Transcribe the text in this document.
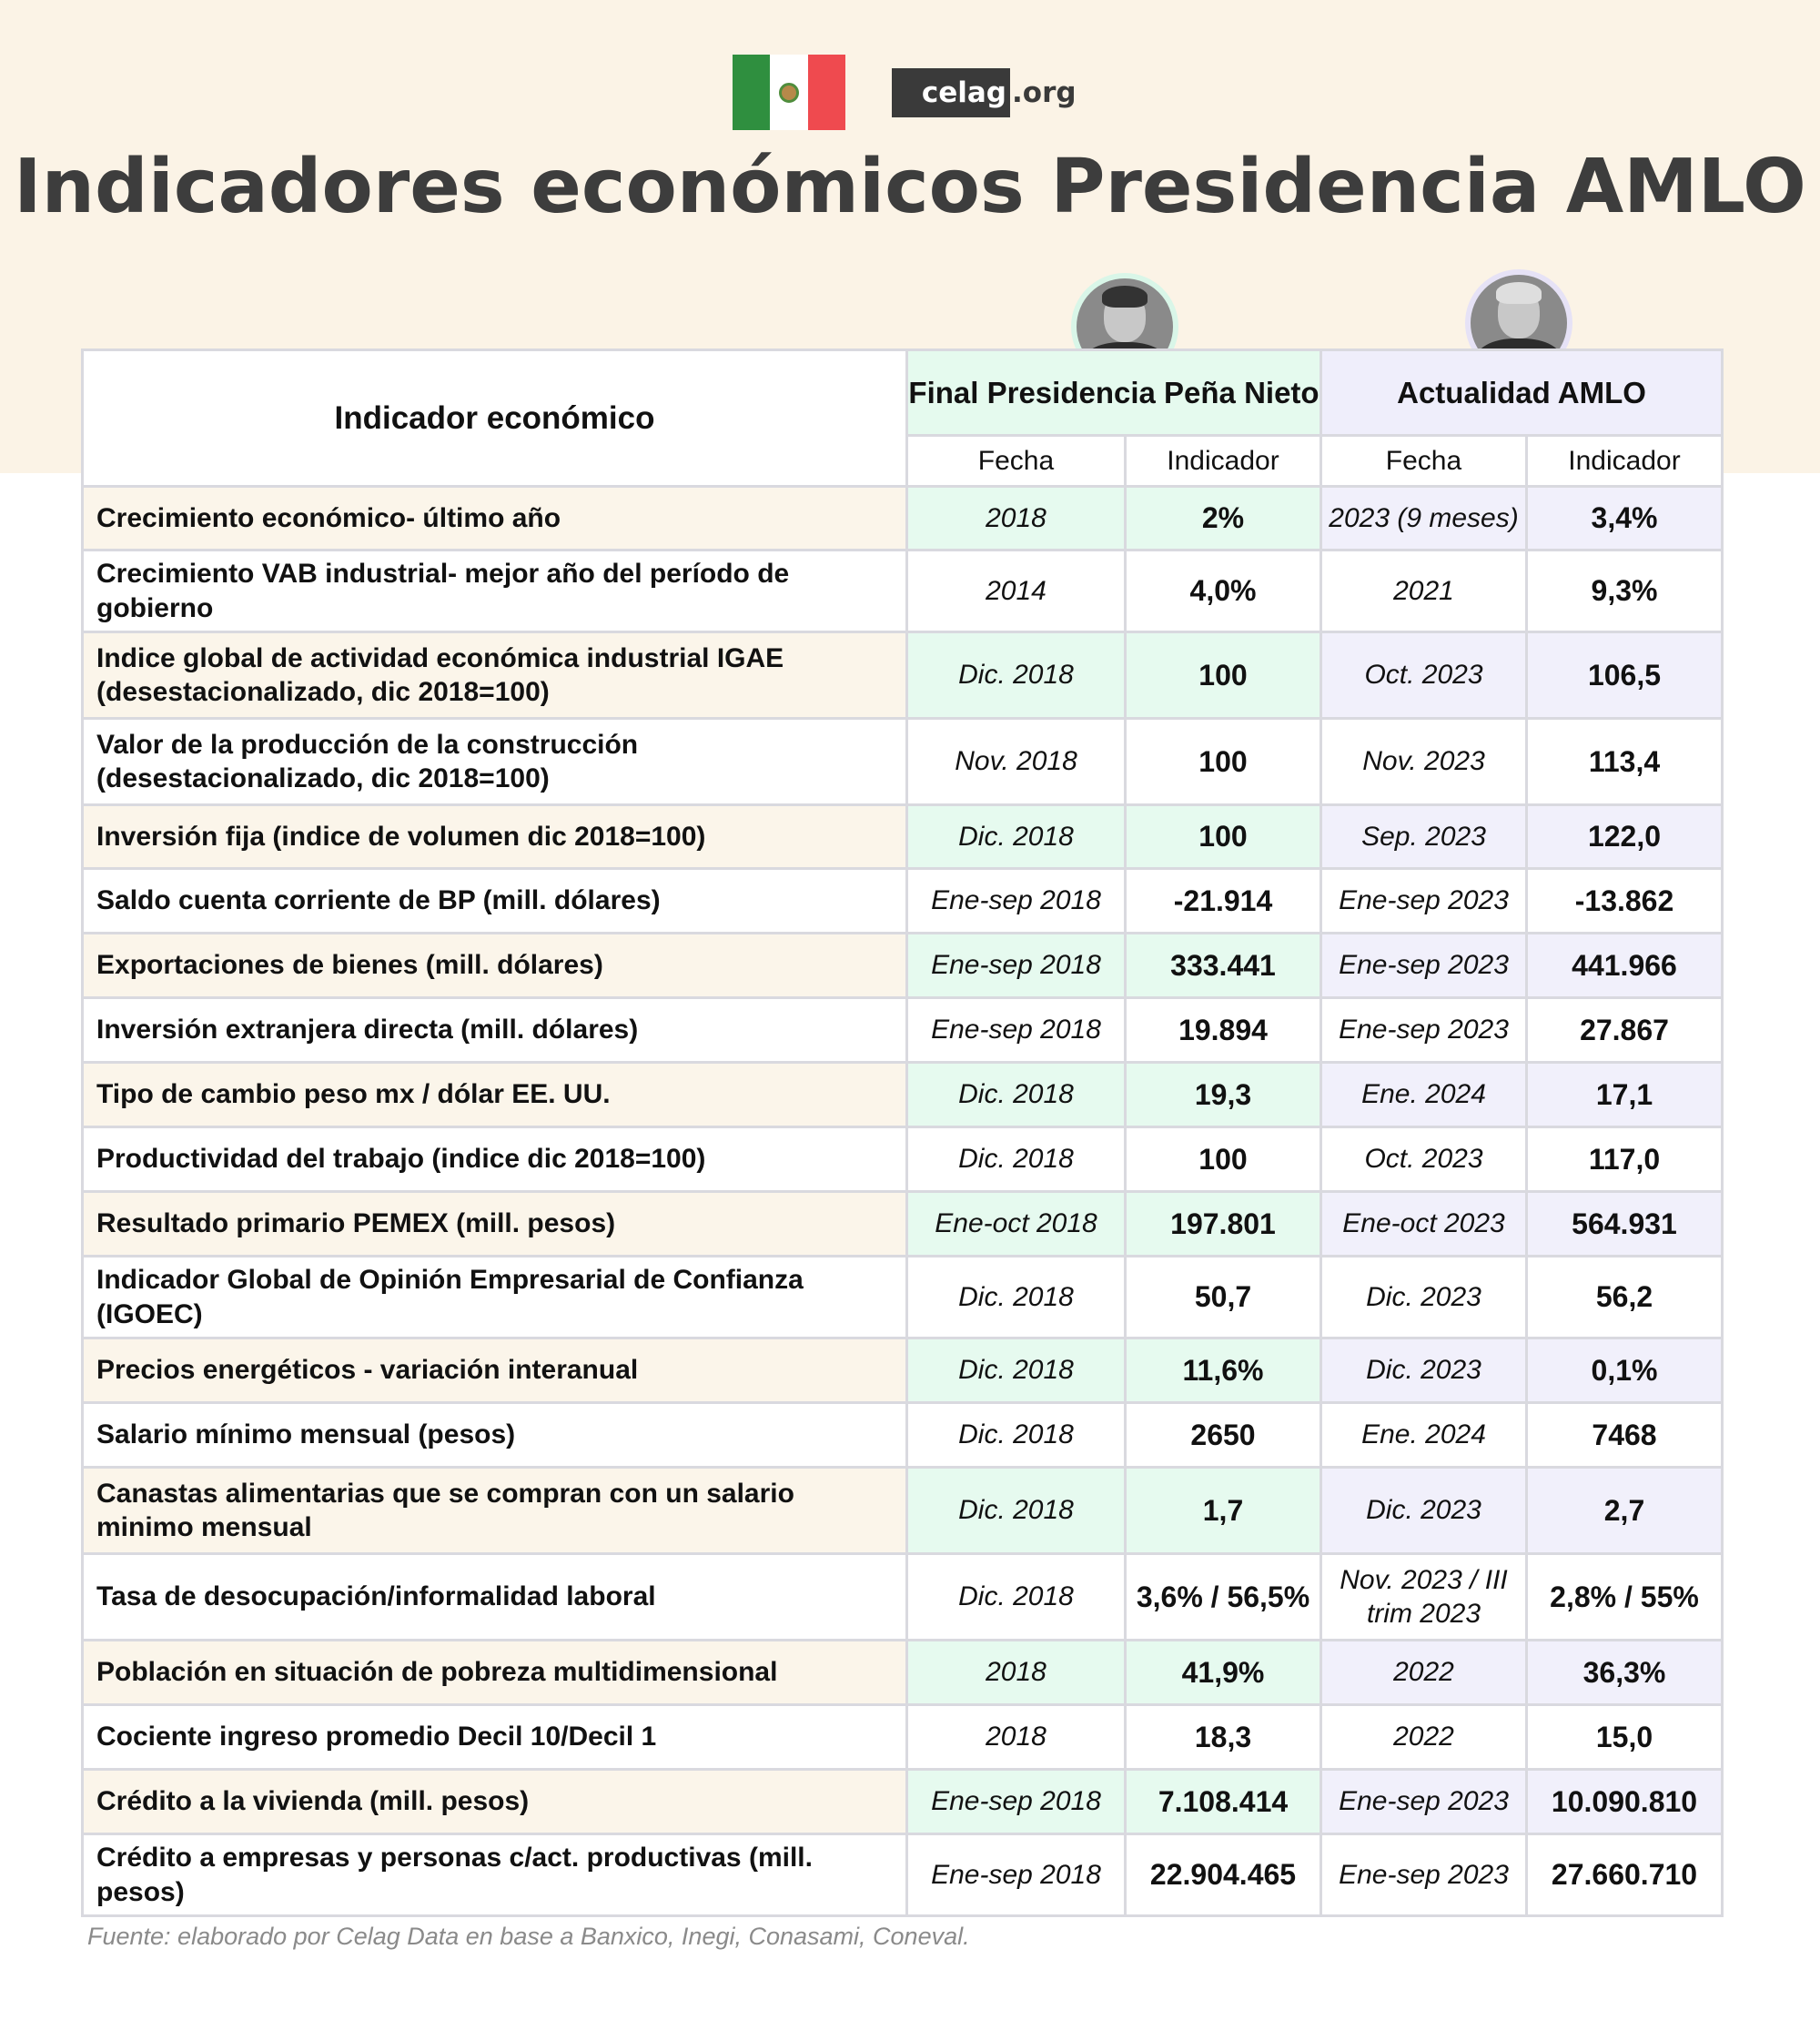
celag .org
Indicadores económicos Presidencia AMLO
Indicador económico	Final Presidencia Peña Nieto		Actualidad AMLO	
	Fecha	Indicador	Fecha	Indicador
Crecimiento económico- último año	2018	2%	2023 (9 meses)	3,4%
Crecimiento VAB industrial- mejor año del período de gobierno	2014	4,0%	2021	9,3%
Indice global de actividad económica industrial IGAE (desestacionalizado, dic 2018=100)	Dic. 2018	100	Oct. 2023	106,5
Valor de la producción de la construcción (desestacionalizado, dic 2018=100)	Nov. 2018	100	Nov. 2023	113,4
Inversión fija (indice de volumen dic 2018=100)	Dic. 2018	100	Sep. 2023	122,0
Saldo cuenta corriente de BP (mill. dólares)	Ene-sep 2018	-21.914	Ene-sep 2023	-13.862
Exportaciones de bienes (mill. dólares)	Ene-sep 2018	333.441	Ene-sep 2023	441.966
Inversión extranjera directa (mill. dólares)	Ene-sep 2018	19.894	Ene-sep 2023	27.867
Tipo de cambio peso mx / dólar EE. UU.	Dic. 2018	19,3	Ene. 2024	17,1
Productividad del trabajo (indice dic 2018=100)	Dic. 2018	100	Oct. 2023	117,0
Resultado primario PEMEX (mill. pesos)	Ene-oct 2018	197.801	Ene-oct 2023	564.931
Indicador Global de Opinión Empresarial de Confianza (IGOEC)	Dic. 2018	50,7	Dic. 2023	56,2
Precios energéticos - variación interanual	Dic. 2018	11,6%	Dic. 2023	0,1%
Salario mínimo mensual (pesos)	Dic. 2018	2650	Ene. 2024	7468
Canastas alimentarias que se compran con un salario minimo mensual	Dic. 2018	1,7	Dic. 2023	2,7
Tasa de desocupación/informalidad laboral	Dic. 2018	3,6% / 56,5%	Nov. 2023 / III trim 2023	2,8% / 55%
Población en situación de pobreza multidimensional	2018	41,9%	2022	36,3%
Cociente ingreso promedio Decil 10/Decil 1	2018	18,3	2022	15,0
Crédito a la vivienda (mill. pesos)	Ene-sep 2018	7.108.414	Ene-sep 2023	10.090.810
Crédito a empresas y personas c/act. productivas (mill. pesos)	Ene-sep 2018	22.904.465	Ene-sep 2023	27.660.710
Fuente: elaborado por Celag Data en base a Banxico, Inegi, Conasami, Coneval.
